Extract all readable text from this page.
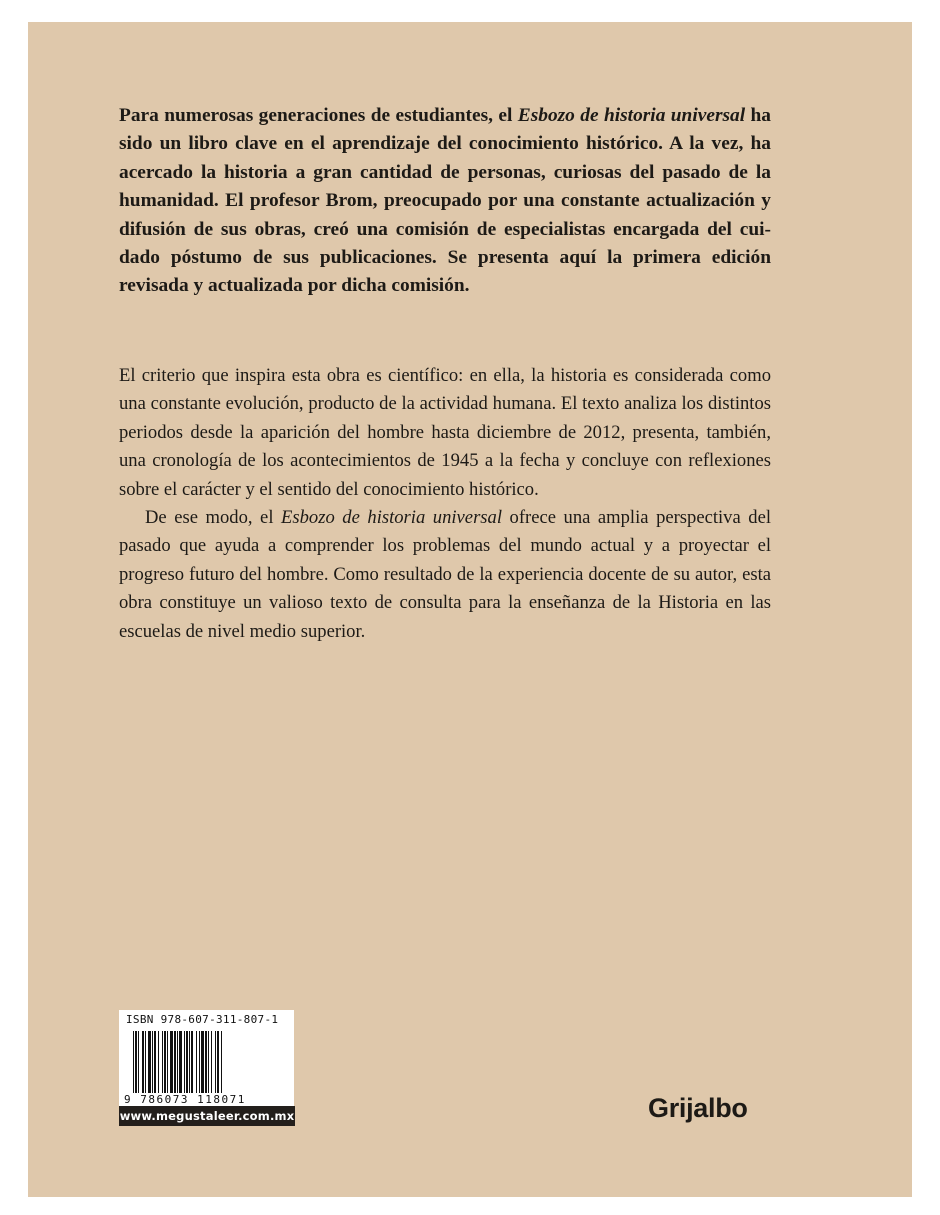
Para numerosas generaciones de estudiantes, el Esbozo de historia universal ha sido un libro clave en el aprendizaje del conocimiento histórico. A la vez, ha acercado la historia a gran cantidad de personas, curiosas del pasado de la humanidad. El profesor Brom, preocupado por una constante actualización y difusión de sus obras, creó una comisión de especialistas encargada del cuidado póstumo de sus publicaciones. Se presenta aquí la primera edición revisada y actualizada por dicha comisión.

El criterio que inspira esta obra es científico: en ella, la historia es considerada como una constante evolución, producto de la actividad humana. El texto analiza los distintos periodos desde la aparición del hombre hasta diciembre de 2012, presenta, también, una cronología de los acontecimientos de 1945 a la fecha y concluye con reflexiones sobre el carácter y el sentido del conocimiento histórico.

De ese modo, el Esbozo de historia universal ofrece una amplia perspectiva del pasado que ayuda a comprender los problemas del mundo actual y a proyectar el progreso futuro del hombre. Como resultado de la experiencia docente de su autor, esta obra constituye un valioso texto de consulta para la enseñanza de la Historia en las escuelas de nivel medio superior.

ISBN 978-607-311-807-1
9 786073 118071
www.megustaleer.com.mx	Grijalbo
